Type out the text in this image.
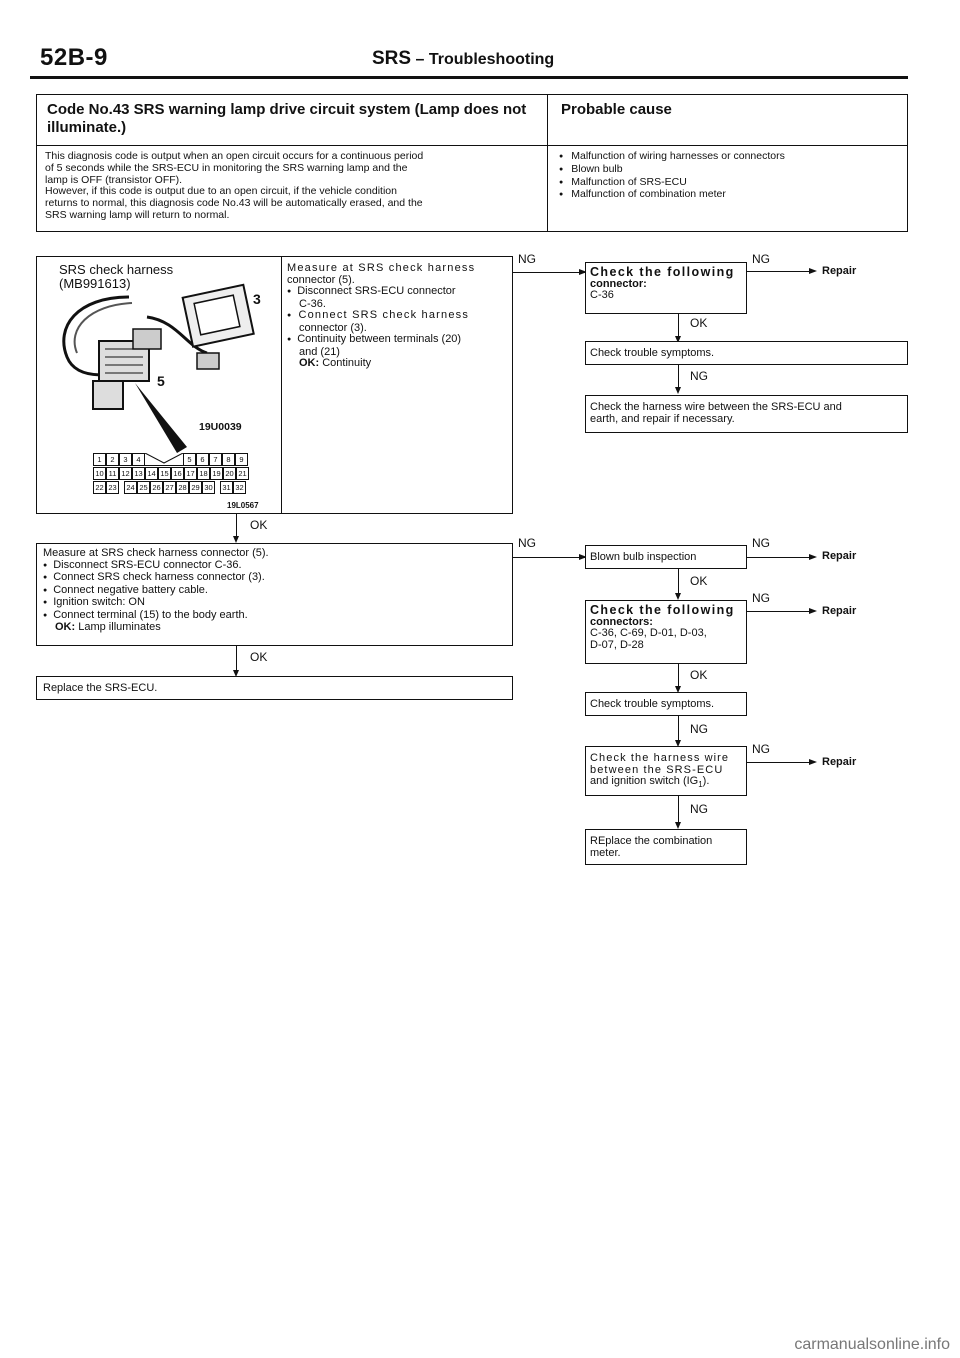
52B-9	SRS – Troubleshooting
Code No.43 SRS warning lamp drive circuit system (Lamp does not illuminate.)
Probable cause
This diagnosis code is output when an open circuit occurs for a continuous period
of 5 seconds while the SRS-ECU in monitoring the SRS warning lamp and the
lamp is OFF (transistor OFF).
However, if this code is output due to an open circuit, if the vehicle condition
returns to normal, this diagnosis code No.43 will be automatically erased, and the
SRS warning lamp will return to normal.
● Malfunction of wiring harnesses or connectors
● Blown bulb
● Malfunction of SRS-ECU
● Malfunction of combination meter
SRS check harness
(MB991613)
3
5
19U0039
1	2	3	4	5	6	7	8	9
10 11 12 13 14 15 16 17 18 19 20 21
22 23	24 25 26 27 28 29 30	31 32
19L0567
Measure at SRS check harness
connector (5).
● Disconnect SRS-ECU connector
C-36.
● Connect SRS check harness
connector (3).
● Continuity between terminals (20)
and (21)
OK: Continuity
OK
Measure at SRS check harness connector (5).
● Disconnect SRS-ECU connector C-36.
● Connect SRS check harness connector (3).
● Connect negative battery cable.
● Ignition switch: ON
● Connect terminal (15) to the body earth.
OK: Lamp illuminates
OK
Replace the SRS-ECU.
NG
Check the following
connector:
C-36
NG
Repair
OK
Check trouble symptoms.
NG
Check the harness wire between the SRS-ECU and
earth, and repair if necessary.
NG
Blown bulb inspection
NG
Repair
OK
Check the following
connectors:
C-36, C-69, D-01, D-03,
D-07, D-28
NG
Repair
OK
Check trouble symptoms.
NG
Check the harness wire
between the SRS-ECU
and ignition switch $(IG_1)$.
NG
Repair
NG
REplace the combination
meter.
carmanualsonline.info
